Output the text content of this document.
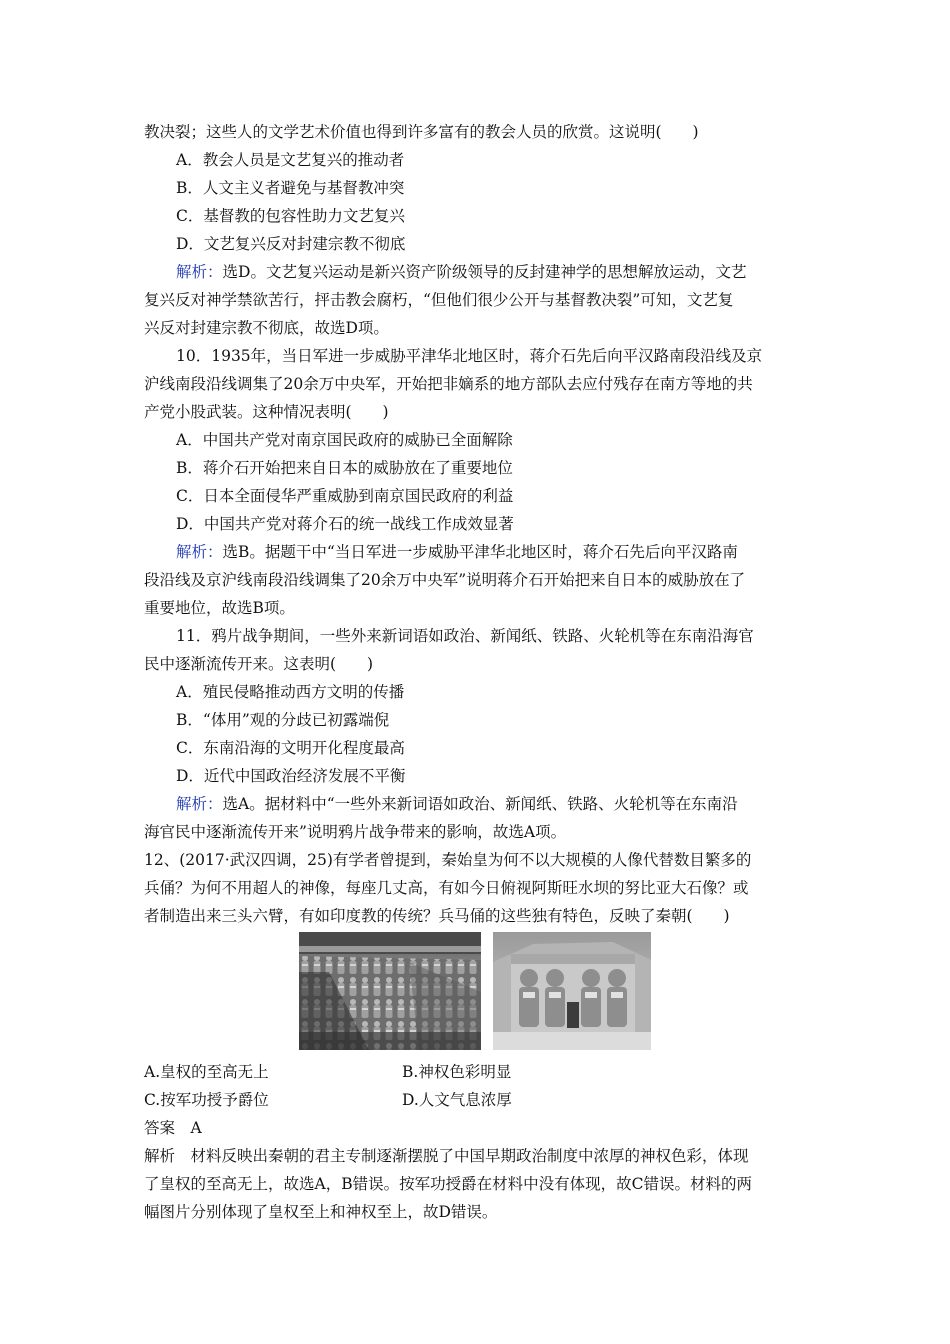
教决裂；这些人的文学艺术价值也得到许多富有的教会人员的欣赏。这说明(　　)
A．教会人员是文艺复兴的推动者
B．人文主义者避免与基督教冲突
C．基督教的包容性助力文艺复兴
D．文艺复兴反对封建宗教不彻底
解析：选D。文艺复兴运动是新兴资产阶级领导的反封建神学的思想解放运动，文艺
复兴反对神学禁欲苦行，抨击教会腐朽，“但他们很少公开与基督教决裂”可知，文艺复
兴反对封建宗教不彻底，故选D项。
10．1935年，当日军进一步威胁平津华北地区时，蒋介石先后向平汉路南段沿线及京
沪线南段沿线调集了20余万中央军，开始把非嫡系的地方部队去应付残存在南方等地的共
产党小股武装。这种情况表明(　　)
A．中国共产党对南京国民政府的威胁已全面解除
B．蒋介石开始把来自日本的威胁放在了重要地位
C．日本全面侵华严重威胁到南京国民政府的利益
D．中国共产党对蒋介石的统一战线工作成效显著
解析：选B。据题干中“当日军进一步威胁平津华北地区时，蒋介石先后向平汉路南
段沿线及京沪线南段沿线调集了20余万中央军”说明蒋介石开始把来自日本的威胁放在了
重要地位，故选B项。
11．鸦片战争期间，一些外来新词语如政治、新闻纸、铁路、火轮机等在东南沿海官
民中逐渐流传开来。这表明(　　)
A．殖民侵略推动西方文明的传播
B．“体用”观的分歧已初露端倪
C．东南沿海的文明开化程度最高
D．近代中国政治经济发展不平衡
解析：选A。据材料中“一些外来新词语如政治、新闻纸、铁路、火轮机等在东南沿
海官民中逐渐流传开来”说明鸦片战争带来的影响，故选A项。
12、(2017·武汉四调，25)有学者曾提到，秦始皇为何不以大规模的人像代替数目繁多的
兵俑？为何不用超人的神像，每座几丈高，有如今日俯视阿斯旺水坝的努比亚大石像？或
者制造出来三头六臂，有如印度教的传统？兵马俑的这些独有特色，反映了秦朝(　　)
A.皇权的至高无上	B.神权色彩明显
C.按军功授予爵位	D.人文气息浓厚
答案　A
解析　材料反映出秦朝的君主专制逐渐摆脱了中国早期政治制度中浓厚的神权色彩，体现
了皇权的至高无上，故选A，B错误。按军功授爵在材料中没有体现，故C错误。材料的两
幅图片分别体现了皇权至上和神权至上，故D错误。
